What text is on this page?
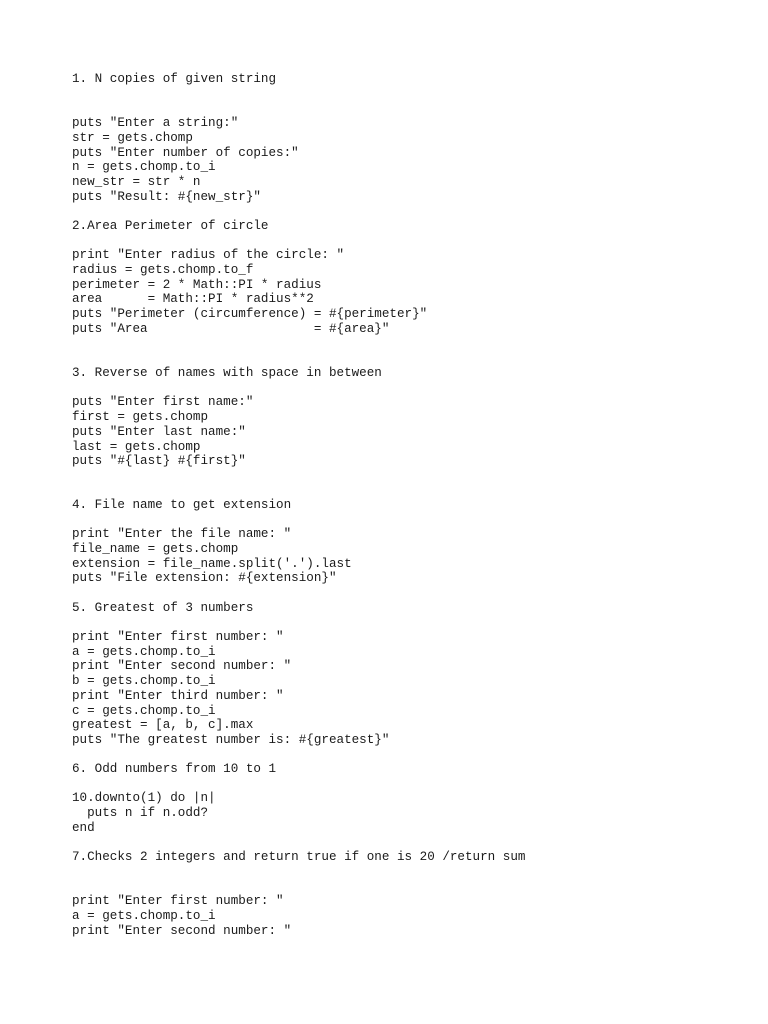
1. N copies of given string

puts "Enter a string:"

str = gets.chomp

puts "Enter number of copies:"

n = gets.chomp.to_i

new_str = str * n

puts "Result: #{new_str}"

2.Area Perimeter of circle

print "Enter radius of the circle: "

radius = gets.chomp.to_f

perimeter = 2 * Math::PI * radius

area      = Math::PI * radius**2

puts "Perimeter (circumference) = #{perimeter}"

puts "Area                      = #{area}"

3. Reverse of names with space in between

puts "Enter first name:"

first = gets.chomp

puts "Enter last name:"

last = gets.chomp

puts "#{last} #{first}"

4. File name to get extension

print "Enter the file name: "

file_name = gets.chomp

extension = file_name.split('.').last

puts "File extension: #{extension}"

5. Greatest of 3 numbers

print "Enter first number: "

a = gets.chomp.to_i

print "Enter second number: "

b = gets.chomp.to_i

print "Enter third number: "

c = gets.chomp.to_i

greatest = [a, b, c].max

puts "The greatest number is: #{greatest}"

6. Odd numbers from 10 to 1

10.downto(1) do |n|

puts n if n.odd?

end

7.Checks 2 integers and return true if one is 20 /return sum

print "Enter first number: "

a = gets.chomp.to_i

print "Enter second number: "
